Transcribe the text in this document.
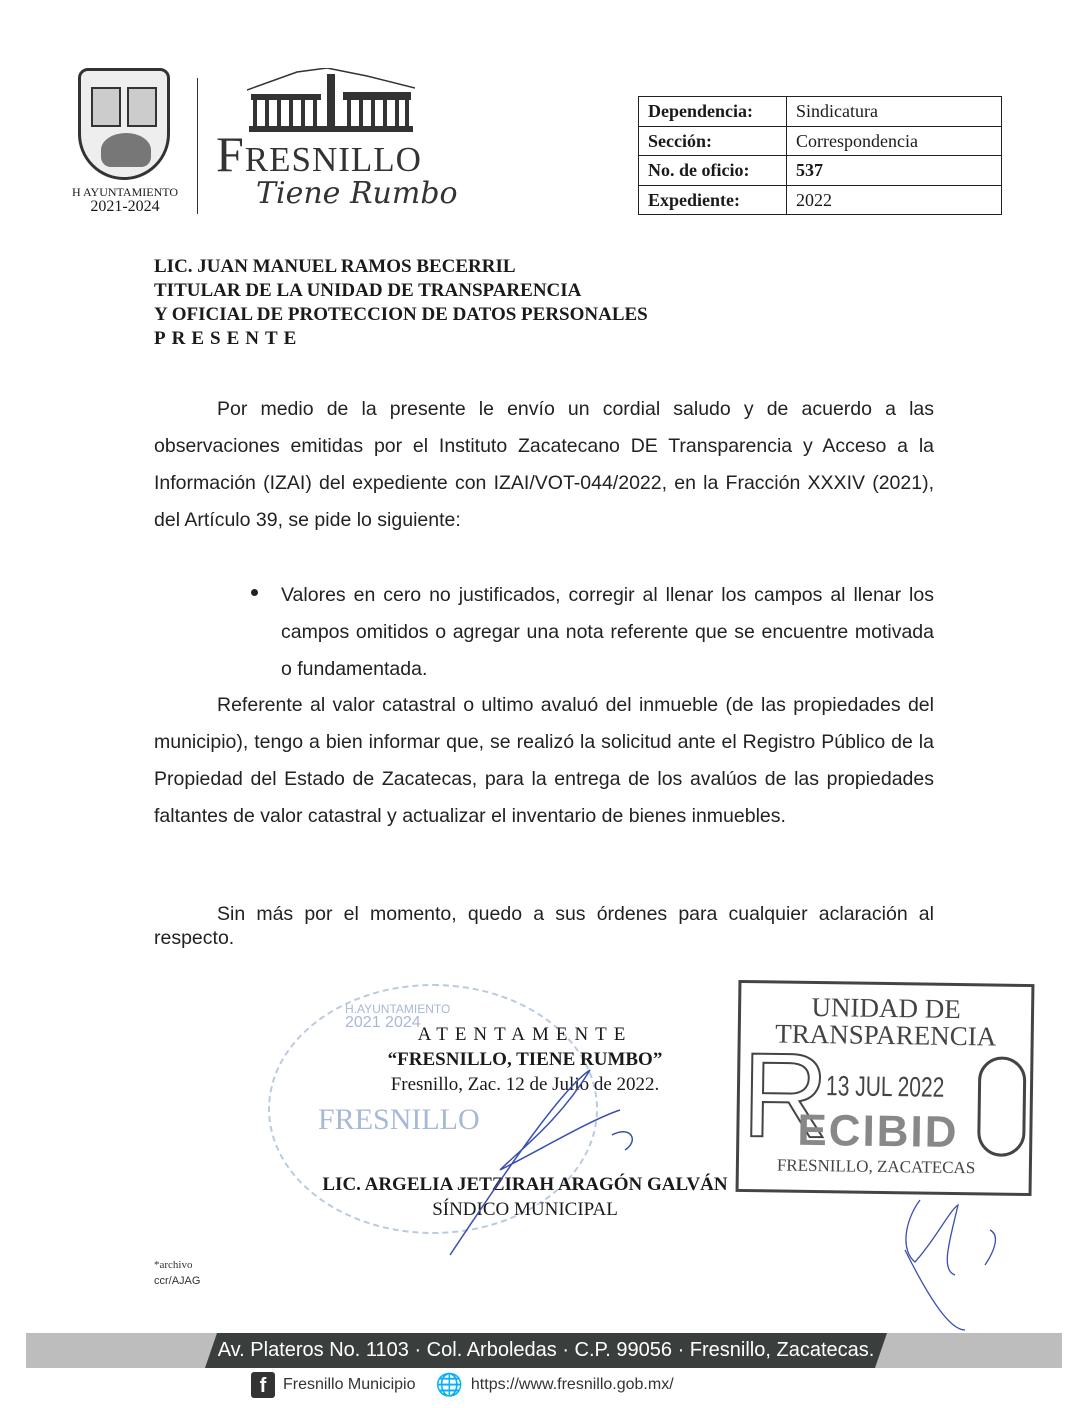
H AYUNTAMIENTO
2021-2024
Fresnillo
Tiene Rumbo
Dependencia:	Sindicatura
Sección:	Correspondencia
No. de oficio:	537
Expediente:	2022
LIC. JUAN MANUEL RAMOS BECERRIL
TITULAR DE LA UNIDAD DE TRANSPARENCIA
Y OFICIAL DE PROTECCION DE DATOS PERSONALES
PRESENTE
Por medio de la presente le envío un cordial saludo y de acuerdo a las observaciones emitidas por el Instituto Zacatecano DE Transparencia y Acceso a la Información (IZAI) del expediente con IZAI/VOT-044/2022, en la Fracción XXXIV (2021), del Artículo 39, se pide lo siguiente:
Valores en cero no justificados, corregir al llenar los campos al llenar los campos omitidos o agregar una nota referente que se encuentre motivada o fundamentada.
Referente al valor catastral o ultimo avaluó del inmueble (de las propiedades del municipio), tengo a bien informar que, se realizó la solicitud ante el Registro Público de la Propiedad del Estado de Zacatecas, para la entrega de los avalúos de las propiedades faltantes de valor catastral y actualizar el inventario de bienes inmuebles.
Sin más por el momento, quedo a sus órdenes para cualquier aclaración al respecto.
H.AYUNTAMIENTO
2021 2024
FRESNILLO
ATENTAMENTE
“FRESNILLO, TIENE RUMBO”
Fresnillo, Zac. 12 de Julio de 2022.
LIC. ARGELIA JETZIRAH ARAGÓN GALVÁN
SÍNDICO MUNICIPAL
UNIDAD DE
TRANSPARENCIA
R
13 JUL 2022
ECIBID
FRESNILLO, ZACATECAS
*archivo
ccr/AJAG
Av. Plateros No. 1103 · Col. Arboledas · C.P. 99056 · Fresnillo, Zacatecas.
f	Fresnillo Municipio 🌐 https://www.fresnillo.gob.mx/
